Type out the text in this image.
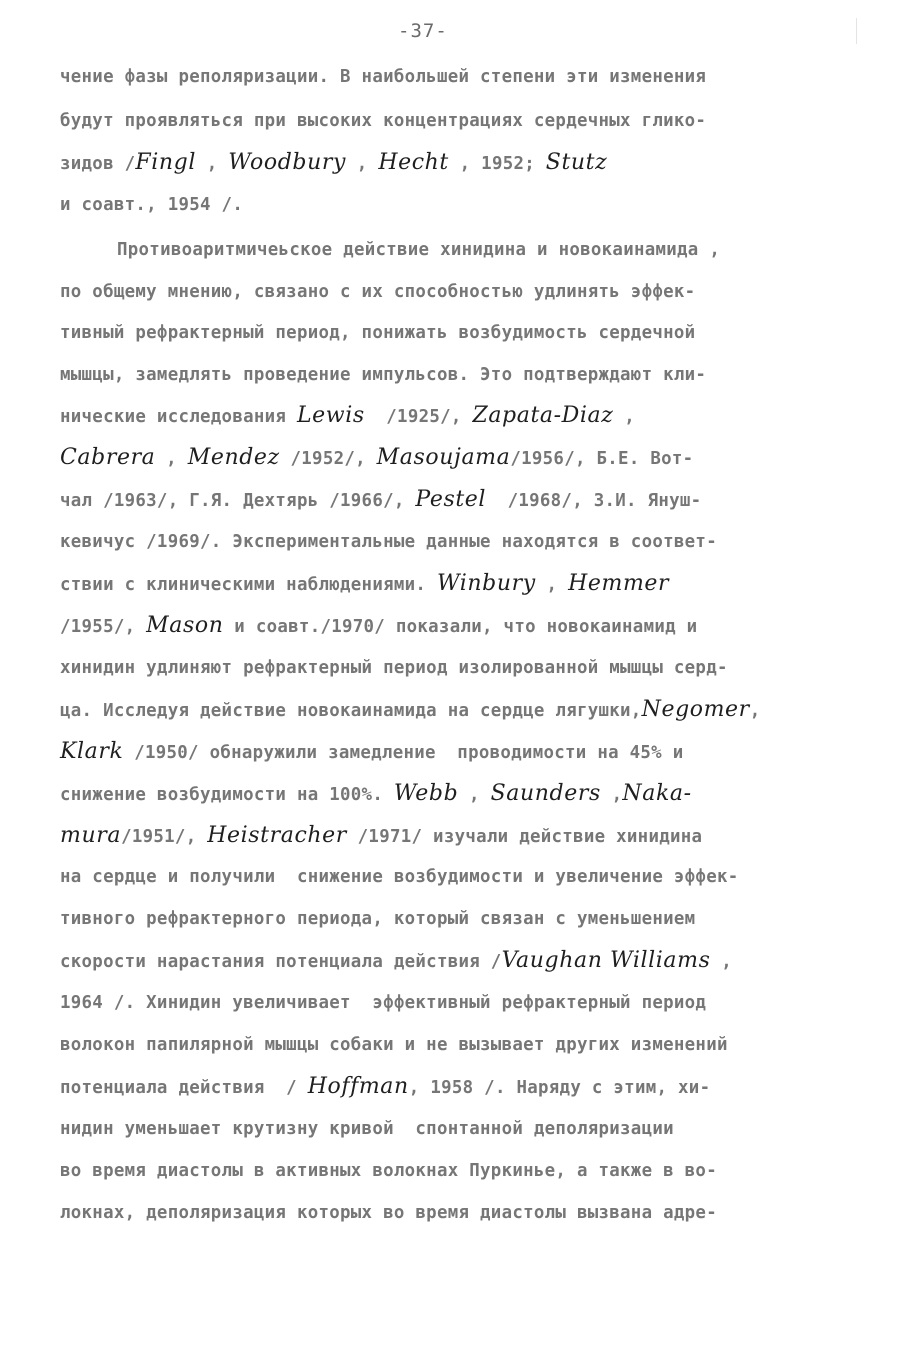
-37-
чение фазы реполяризации. В наибольшей степени эти изменения
будут проявляться при высоких концентрациях сердечных глико-
зидов /Fingl , Woodbury , Hecht , 1952; Stutz
и соавт., 1954 /.
Противоаритмичеьское действие хинидина и новокаинамида ,
по общему мнению, связано с их способностью удлинять эффек-
тивный рефрактерный период, понижать возбудимость сердечной
мышцы, замедлять проведение импульсов. Это подтверждают кли-
нические исследования Lewis  /1925/, Zapata-Diaz ,
Cabrera , Mendez /1952/, Masoujama/1956/, Б.Е. Вот-
чал /1963/, Г.Я. Дехтярь /1966/, Pestel  /1968/, З.И. Януш-
кевичус /1969/. Экспериментальные данные находятся в соответ-
ствии с клиническими наблюдениями. Winbury , Hemmer
/1955/, Mason и соавт./1970/ показали, что новокаинамид и
хинидин удлиняют рефрактерный период изолированной мышцы серд-
ца. Исследуя действие новокаинамида на сердце лягушки,Negomer,
Klark /1950/ обнаружили замедление  проводимости на 45% и
снижение возбудимости на 100%. Webb , Saunders ,Naka-
mura/1951/, Heistracher /1971/ изучали действие хинидина
на сердце и получили  снижение возбудимости и увеличение эффек-
тивного рефрактерного периода, который связан с уменьшением
скорости нарастания потенциала действия /Vaughan Williams ,
1964 /. Хинидин увеличивает  эффективный рефрактерный период
волокон папилярной мышцы собаки и не вызывает других изменений
потенциала действия  / Hoffman, 1958 /. Наряду с этим, хи-
нидин уменьшает крутизну кривой  спонтанной деполяризации
во время диастолы в активных волокнах Пуркинье, а также в во-
локнах, деполяризация которых во время диастолы вызвана адре-
